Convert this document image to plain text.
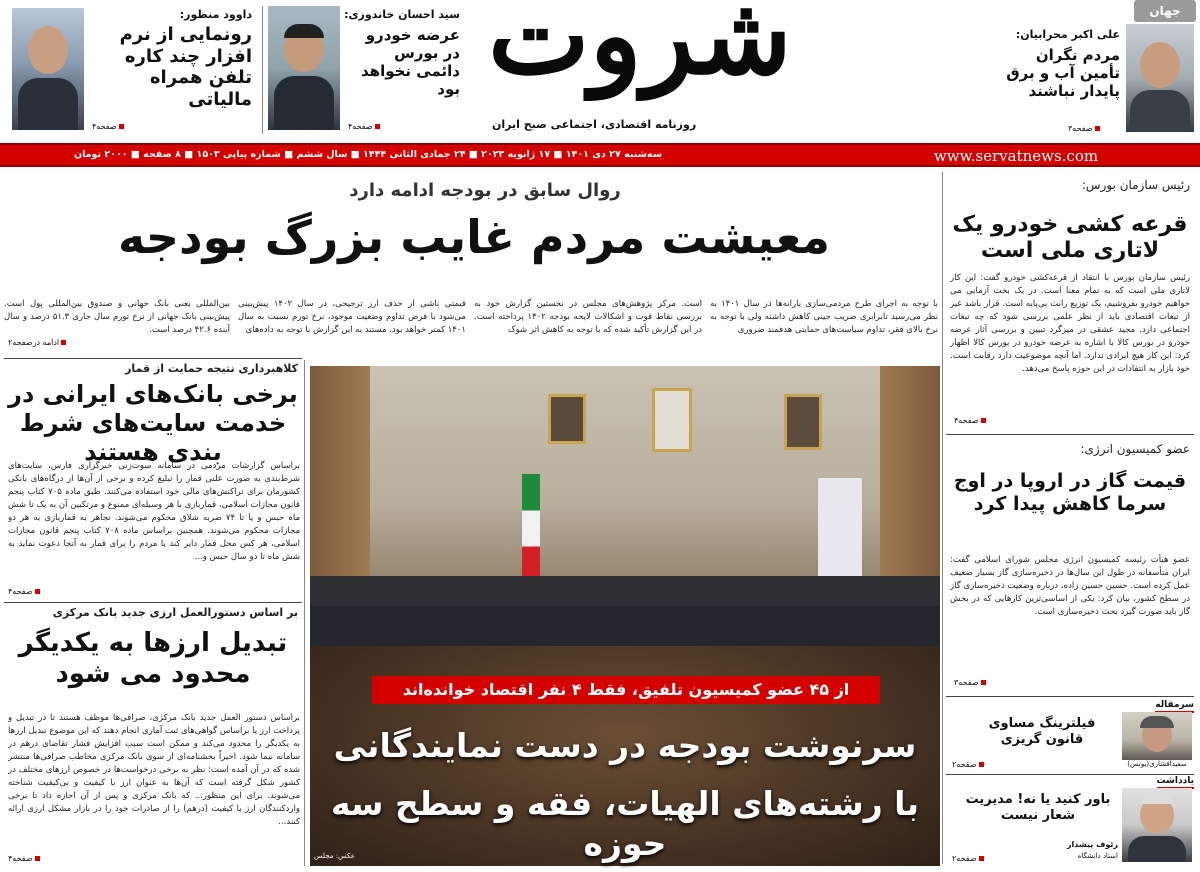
داوود منظور:
رونمایی از نرم افزار چند کاره تلفن همراه مالیاتی
صفحه۴
سید احسان خاندوزی:
عرضه خودرو در بورس دائمی نخواهد بود
صفحه۴
شروت
روزنامه اقتصادی، اجتماعی صبح ایران
جهان
علی اکبر محرابیان:
مردم نگران تأمین آب و برق پایدار نباشند
صفحه۳
www.servatnews.com
سه‌شنبه ۲۷ دی ۱۴۰۱ ■ ۱۷ ژانویه ۲۰۲۳ ■ ۲۴ جمادی الثانی ۱۴۴۴ ■ سال ششم ■ شماره پیاپی ۱۵۰۳ ■ ۸ صفحه ■ ۲۰۰۰ تومان
رئیس سازمان بورس:
قرعه کشی خودرو یک لاتاری ملی است
رئیس سازمان بورس با انتقاد از قرعه‌کشی خودرو گفت: این کار لاتاری ملی است که به تمام معنا است. در یک بخت آزمایی می خواهیم خودرو بفروشیم، یک توزیع رانت بی‌پایه است. قرار باشد غیر از تبعات اقتصادی باید از نظر علمی بررسی شود که چه تبعات اجتماعی دارد. مجید عشقی در میزگرد تبیین و بررسی آثار عرضه خودرو در بورس کالا با اشاره به عرضه خودرو در بورس کالا اظهار کرد: این کار هیچ ایرادی ندارد. اما آنچه موضوعیت دارد رقابت است. خود بازار به انتقادات در این حوزه پاسخ می‌دهد.
صفحه۴
عضو کمیسیون انرژی:
قیمت گاز در اروپا در اوج سرما کاهش پیدا کرد
عضو هیأت رئیسه کمیسیون انرژی مجلس شورای اسلامی گفت: ایران متأسفانه در طول این سال‌ها در ذخیره‌سازی گاز بسیار ضعیف عمل کرده است. حسین حسین زاده، درباره وضعیت ذخیره‌سازی گاز در سطح کشور، بیان کرد: یکی از اساسی‌ترین کارهایی که در بخش گاز باید صورت گیرد بحث ذخیره‌سازی است.
صفحه۳
سرمقاله
فیلترینگ مساوی قانون گریزی
سعیدافشاری(یونس)
صفحه۲
یادداشت
باور کنید یا نه! مدیریت شعار نیست
رئوف پیشدار
استاد دانشگاه
صفحه۲
روال سابق در بودجه ادامه دارد
معیشت مردم غایب بزرگ بودجه
با توجه به اجرای طرح مردمی‌سازی یارانه‌ها در سال ۱۴۰۱ به نظر می‌رسید تابرابری ضریب جینی کاهش داشته ولی با توجه به نرخ بالای فقر، تداوم سیاست‌های حمایتی هدفمند ضروری
است. مرکز پژوهش‌های مجلس در نخستین گزارش خود به بررسی نقاط قوت و اشکالات لایحه بودجه ۱۴۰۲ پرداخته است. در این گزارش تأکید شده که با توجه به کاهش اثر شوک
قیمتی ناشی از حذف ارز ترجیحی، در سال ۱۴۰۲ پیش‌بینی می‌شود با فرض تداوم وضعیت موجود، نرخ تورم نسبت به سال ۱۴۰۱ کمتر خواهد بود. مستند به این گزارش با توجه به داده‌های
بین‌المللی یعنی بانک جهانی و صندوق بین‌المللی پول است. پیش‌بینی بانک جهانی از نرخ تورم سال جاری ۵۱.۳ درصد و سال آینده ۴۲.۶ درصد است.
ادامه درصفحه۲
از ۴۵ عضو کمیسیون تلفیق، فقط ۴ نفر اقتصاد خوانده‌اند
سرنوشت بودجه در دست نمایندگانی
با رشته‌های الهیات، فقه و سطح سه حوزه
عکس: مجلس
کلاهبرداری نتیجه حمایت از قمار
برخی بانک‌های ایرانی در خدمت سایت‌های شرط بندی هستند
براساس گزارشات مردمی در سامانه سوت‌زنی خبرگزاری فارس، سایت‌های شرط‌بندی به صورت علنی قمار را تبلیغ کرده و برخی از آن‌ها از درگاه‌های بانکی کشورمان برای تراکنش‌های مالی خود استفاده می‌کنند. طبق ماده ۷۰۵ کتاب پنجم قانون مجازات اسلامی، قماربازی با هر وسیله‌ای ممنوع و مرتکبین آن به یک تا شش ماه حبس و یا تا ۷۴ ضربه شلاق محکوم می‌شوند. تجاهر به قماربازی به هر دو مجازات محکوم می‌شوند. همچنین براساس ماده ۷۰۸ کتاب پنجم قانون مجازات اسلامی، هر کس محل قمار دایر کند یا مردم را برای قمار به آنجا دعوت نماید به شش ماه تا دو سال حبس و...
صفحه۴
بر اساس دستورالعمل ارزی جدید بانک مرکزی
تبدیل ارزها به یکدیگر محدود می شود
براساس دستور العمل جدید بانک مرکزی، صرافی‌ها موظف هستند تا در تبدیل و پرداخت ارز یا براساس گواهی‌های ثبت آماری انجام دهند که این موضوع تبدیل ارزها به یکدیگر را محدود می‌کند و ممکن است سبب افزایش فشار تقاضای درهم در سامانه نیما شود. اخیراً بخشنامه‌ای از سوی بانک مرکزی مخاطب صرافی‌ها منتشر شده که در آن آمده است: نظر به برخی درخواست‌ها در خصوص ارزهای مختلف در کشور شکل گرفته است که آن‌ها به عنوان ارز با کیفیت و بی‌کیفیت شناخته می‌شوند. برای این منظور... که بانک مرکزی و پس از آن اجازه داد تا برخی واردکنندگان ارز با کیفیت (درهم) را از صادرات خود را در بازار مشکل ارزی ارائه کنند...
صفحه۴
